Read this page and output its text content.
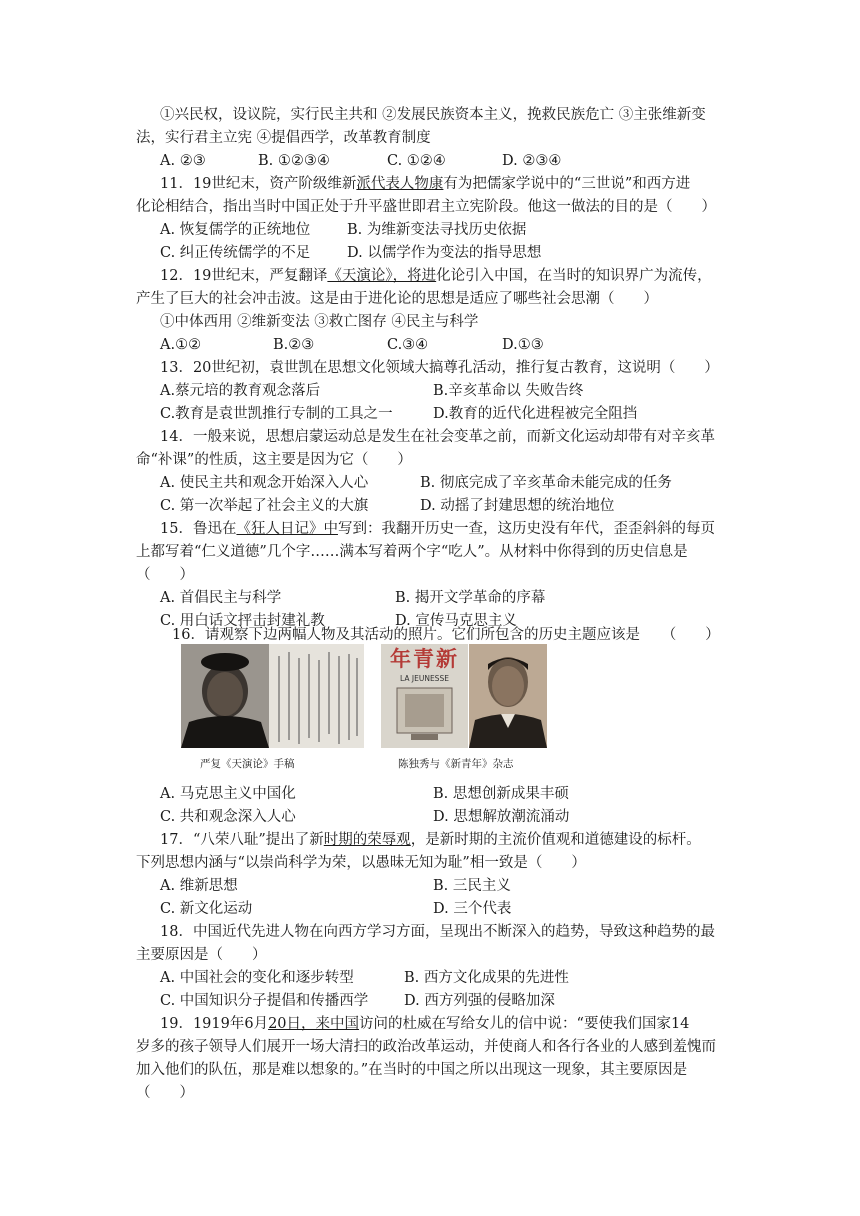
①兴民权，设议院，实行民主共和 ②发展民族资本主义，挽救民族危亡 ③主张维新变
法，实行君主立宪 ④提倡西学，改革教育制度
A. ②③	B. ①②③④	C. ①②④	D. ②③④
11．19世纪末，资产阶级维新派代表人物康有为把儒家学说中的“三世说”和西方进
化论相结合，指出当时中国正处于升平盛世即君主立宪阶段。他这一做法的目的是（　　）
A. 恢复儒学的正统地位	B. 为维新变法寻找历史依据
C. 纠正传统儒学的不足	D. 以儒学作为变法的指导思想
12．19世纪末，严复翻译《天演论》，将进化论引入中国，在当时的知识界广为流传，
产生了巨大的社会冲击波。这是由于进化论的思想是适应了哪些社会思潮（　　）
①中体西用 ②维新变法 ③救亡图存 ④民主与科学
A.①②	B.②③	C.③④	D.①③
13．20世纪初，袁世凯在思想文化领域大搞尊孔活动，推行复古教育，这说明（　　）
A.蔡元培的教育观念落后	B.辛亥革命以 失败告终
C.教育是袁世凯推行专制的工具之一	D.教育的近代化进程被完全阻挡
14．一般来说，思想启蒙运动总是发生在社会变革之前，而新文化运动却带有对辛亥革
命“补课”的性质，这主要是因为它（　　）
A. 使民主共和观念开始深入人心	B. 彻底完成了辛亥革命未能完成的任务
C. 第一次举起了社会主义的大旗	D. 动摇了封建思想的统治地位
15．鲁迅在《狂人日记》中写到：我翻开历史一查，这历史没有年代，歪歪斜斜的每页
上都写着“仁义道德”几个字……满本写着两个字“吃人”。从材料中你得到的历史信息是
（　　）
A. 首倡民主与科学	B. 揭开文学革命的序幕
C. 用白话文抨击封建礼教	D. 宣传马克思主义
16．请观察下边两幅人物及其活动的照片。它们所包含的历史主题应该是　　（　　）
年青新
LA JEUNESSE
严复《天演论》手稿	陈独秀与《新青年》杂志
A. 马克思主义中国化	B. 思想创新成果丰硕
C. 共和观念深入人心	D. 思想解放潮流涌动
17．“八荣八耻”提出了新时期的荣辱观，是新时期的主流价值观和道德建设的标杆。
下列思想内涵与“以崇尚科学为荣，以愚昧无知为耻”相一致是（　　）
A. 维新思想	B. 三民主义
C. 新文化运动	D. 三个代表
18．中国近代先进人物在向西方学习方面，呈现出不断深入的趋势，导致这种趋势的最
主要原因是（　　）
A. 中国社会的变化和逐步转型	B. 西方文化成果的先进性
C. 中国知识分子提倡和传播西学 D. 西方列强的侵略加深
19．1919年6月20日，来中国访问的杜威在写给女儿的信中说：“要使我们国家14
岁多的孩子领导人们展开一场大清扫的政治改革运动，并使商人和各行各业的人感到羞愧而
加入他们的队伍，那是难以想象的。”在当时的中国之所以出现这一现象，其主要原因是
（　　）
